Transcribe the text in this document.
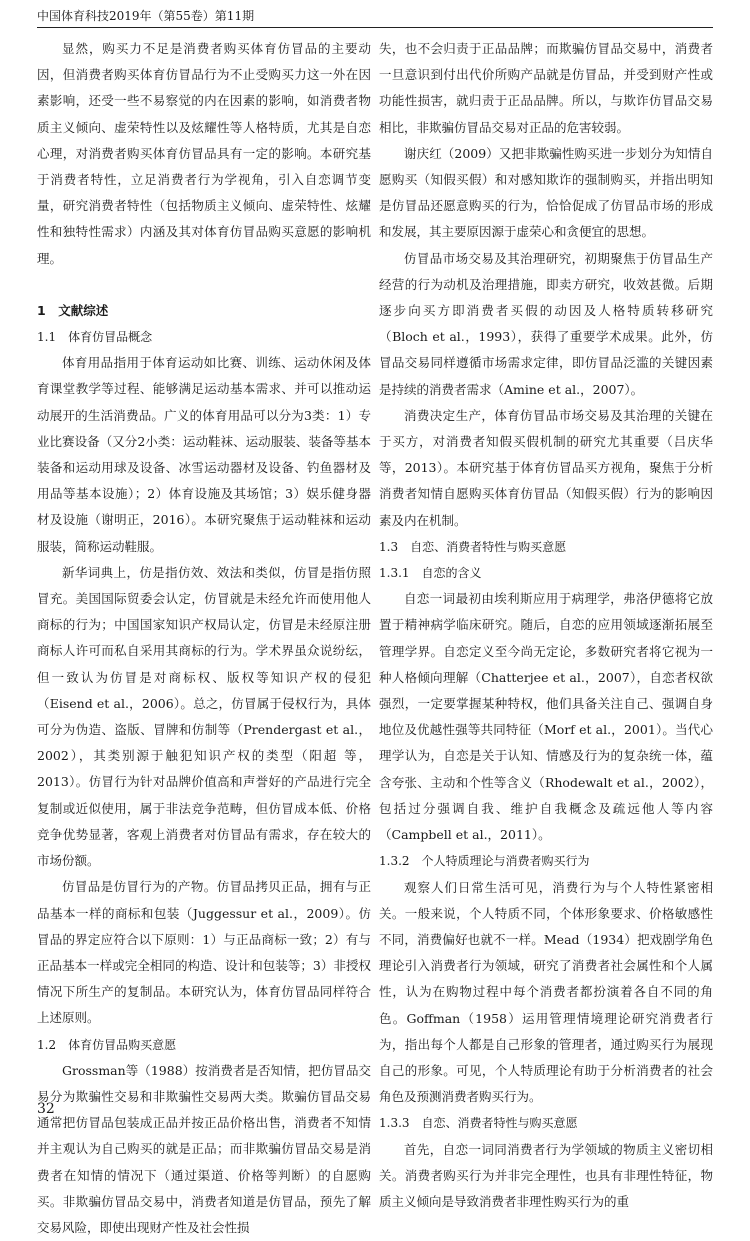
中国体育科技2019年（第55卷）第11期

显然，购买力不足是消费者购买体育仿冒品的主要动因，但消费者购买体育仿冒品行为不止受购买力这一外在因素影响，还受一些不易察觉的内在因素的影响，如消费者物质主义倾向、虚荣特性以及炫耀性等人格特质，尤其是自恋心理，对消费者购买体育仿冒品具有一定的影响。本研究基于消费者特性，立足消费者行为学视角，引入自恋调节变量，研究消费者特性（包括物质主义倾向、虚荣特性、炫耀性和独特性需求）内涵及其对体育仿冒品购买意愿的影响机理。

1　文献综述
1.1　体育仿冒品概念

体育用品指用于体育运动如比赛、训练、运动休闲及体育课堂教学等过程、能够满足运动基本需求、并可以推动运动展开的生活消费品。广义的体育用品可以分为3类：1）专业比赛设备（又分2小类：运动鞋袜、运动服装、装备等基本装备和运动用球及设备、冰雪运动器材及设备、钓鱼器材及用品等基本设施）；2）体育设施及其场馆；3）娱乐健身器材及设施（谢明正，2016）。本研究聚焦于运动鞋袜和运动服装，简称运动鞋服。

新华词典上，仿是指仿效、效法和类似，仿冒是指仿照冒充。美国国际贸委会认定，仿冒就是未经允许而使用他人商标的行为；中国国家知识产权局认定，仿冒是未经原注册商标人许可而私自采用其商标的行为。学术界虽众说纷纭，但一致认为仿冒是对商标权、版权等知识产权的侵犯（Eisend et al.，2006）。总之，仿冒属于侵权行为，具体可分为伪造、盗版、冒牌和仿制等（Prendergast et al.，2002），其类别源于触犯知识产权的类型（阳超 等，2013）。仿冒行为针对品牌价值高和声誉好的产品进行完全复制或近似使用，属于非法竞争范畴，但仿冒成本低、价格竞争优势显著，客观上消费者对仿冒品有需求，存在较大的市场份额。

仿冒品是仿冒行为的产物。仿冒品拷贝正品，拥有与正品基本一样的商标和包装（Juggessur et al.，2009）。仿冒品的界定应符合以下原则：1）与正品商标一致；2）有与正品基本一样或完全相同的构造、设计和包装等；3）非授权情况下所生产的复制品。本研究认为，体育仿冒品同样符合上述原则。

1.2　体育仿冒品购买意愿

Grossman等（1988）按消费者是否知情，把仿冒品交易分为欺骗性交易和非欺骗性交易两大类。欺骗仿冒品交易通常把仿冒品包装成正品并按正品价格出售，消费者不知情并主观认为自己购买的就是正品；而非欺骗仿冒品交易是消费者在知情的情况下（通过渠道、价格等判断）的自愿购买。非欺骗仿冒品交易中，消费者知道是仿冒品，预先了解交易风险，即使出现财产性及社会性损

失，也不会归责于正品品牌；而欺骗仿冒品交易中，消费者一旦意识到付出代价所购产品就是仿冒品，并受到财产性或功能性损害，就归责于正品品牌。所以，与欺诈仿冒品交易相比，非欺骗仿冒品交易对正品的危害较弱。

谢庆红（2009）又把非欺骗性购买进一步划分为知情自愿购买（知假买假）和对感知欺诈的强制购买，并指出明知是仿冒品还愿意购买的行为，恰恰促成了仿冒品市场的形成和发展，其主要原因源于虚荣心和贪便宜的思想。

仿冒品市场交易及其治理研究，初期聚焦于仿冒品生产经营的行为动机及治理措施，即卖方研究，收效甚微。后期逐步向买方即消费者买假的动因及人格特质转移研究（Bloch et al.，1993），获得了重要学术成果。此外，仿冒品交易同样遵循市场需求定律，即仿冒品泛滥的关键因素是持续的消费者需求（Amine et al.，2007）。

消费决定生产，体育仿冒品市场交易及其治理的关键在于买方，对消费者知假买假机制的研究尤其重要（吕庆华 等，2013）。本研究基于体育仿冒品买方视角，聚焦于分析消费者知情自愿购买体育仿冒品（知假买假）行为的影响因素及内在机制。

1.3　自恋、消费者特性与购买意愿
1.3.1　自恋的含义

自恋一词最初由埃利斯应用于病理学，弗洛伊德将它放置于精神病学临床研究。随后，自恋的应用领域逐渐拓展至管理学界。自恋定义至今尚无定论，多数研究者将它视为一种人格倾向理解（Chatterjee et al.，2007），自恋者权欲强烈，一定要掌握某种特权，他们具备关注自己、强调自身地位及优越性强等共同特征（Morf et al.，2001）。当代心理学认为，自恋是关于认知、情感及行为的复杂统一体，蕴含夸张、主动和个性等含义（Rhodewalt et al.，2002），包括过分强调自我、维护自我概念及疏远他人等内容（Campbell et al.，2011）。

1.3.2　个人特质理论与消费者购买行为

观察人们日常生活可见，消费行为与个人特性紧密相关。一般来说，个人特质不同，个体形象要求、价格敏感性不同，消费偏好也就不一样。Mead（1934）把戏剧学角色理论引入消费者行为领域，研究了消费者社会属性和个人属性，认为在购物过程中每个消费者都扮演着各自不同的角色。Goffman（1958）运用管理情境理论研究消费者行为，指出每个人都是自己形象的管理者，通过购买行为展现自己的形象。可见，个人特质理论有助于分析消费者的社会角色及预测消费者购买行为。

1.3.3　自恋、消费者特性与购买意愿

首先，自恋一词同消费者行为学领域的物质主义密切相关。消费者购买行为并非完全理性，也具有非理性特征，物质主义倾向是导致消费者非理性购买行为的重

32
